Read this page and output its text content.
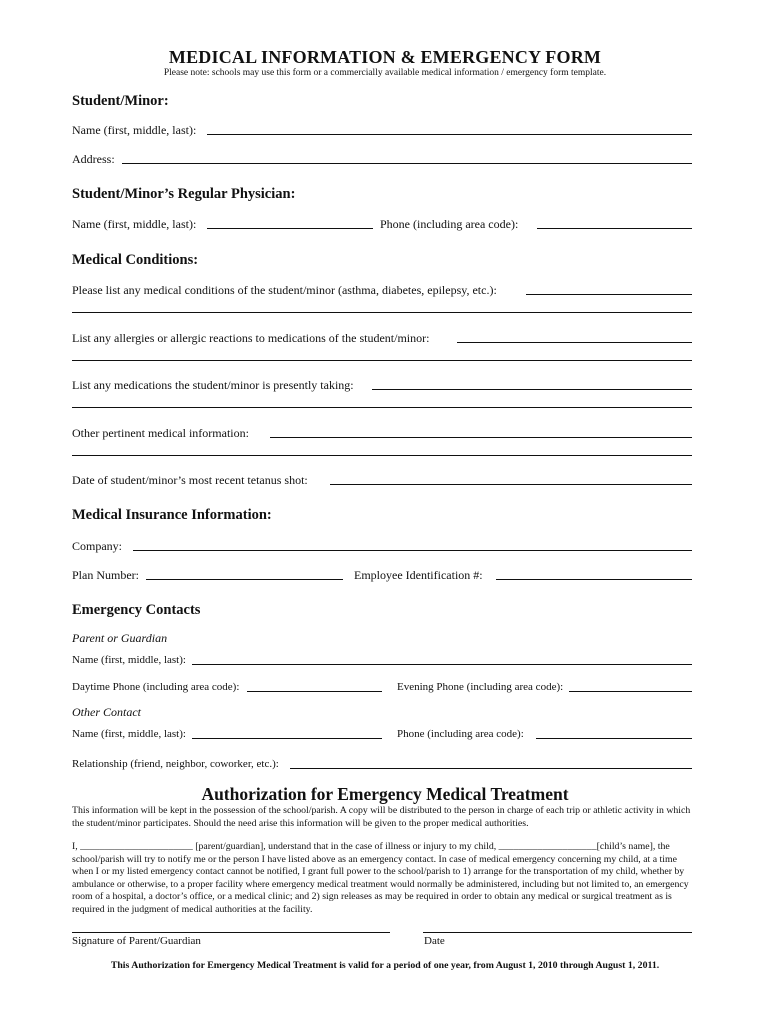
MEDICAL INFORMATION & EMERGENCY FORM
Please note: schools may use this form or a commercially available medical information / emergency form template.
Student/Minor:
Name (first, middle, last):
Address:
Student/Minor’s Regular Physician:
Name (first, middle, last):	Phone (including area code):
Medical Conditions:
Please list any medical conditions of the student/minor (asthma, diabetes, epilepsy, etc.):
List any allergies or allergic reactions to medications of the student/minor:
List any medications the student/minor is presently taking:
Other pertinent medical information:
Date of student/minor’s most recent tetanus shot:
Medical Insurance Information:
Company:
Plan Number:	Employee Identification #:
Emergency Contacts
Parent or Guardian
Name (first, middle, last):
Daytime Phone (including area code):	Evening Phone (including area code):
Other Contact
Name (first, middle, last):	Phone (including area code):
Relationship (friend, neighbor, coworker, etc.):
Authorization for Emergency Medical Treatment
This information will be kept in the possession of the school/parish. A copy will be distributed to the person in charge of each trip or athletic activity in which the student/minor participates. Should the need arise this information will be given to the proper medical authorities.
I, _______________________ [parent/guardian], understand that in the case of illness or injury to my child, ____________________[child’s name], the school/parish will try to notify me or the person I have listed above as an emergency contact. In case of medical emergency concerning my child, at a time when I or my listed emergency contact cannot be notified, I grant full power to the school/parish to 1) arrange for the transportation of my child, whether by ambulance or otherwise, to a proper facility where emergency medical treatment would normally be administered, including but not limited to, an emergency room of a hospital, a doctor’s office, or a medical clinic; and 2) sign releases as may be required in order to obtain any medical or surgical treatment as is required in the judgment of medical authorities at the facility.
Signature of Parent/Guardian	Date
This Authorization for Emergency Medical Treatment is valid for a period of one year, from August 1, 2010 through August 1, 2011.
